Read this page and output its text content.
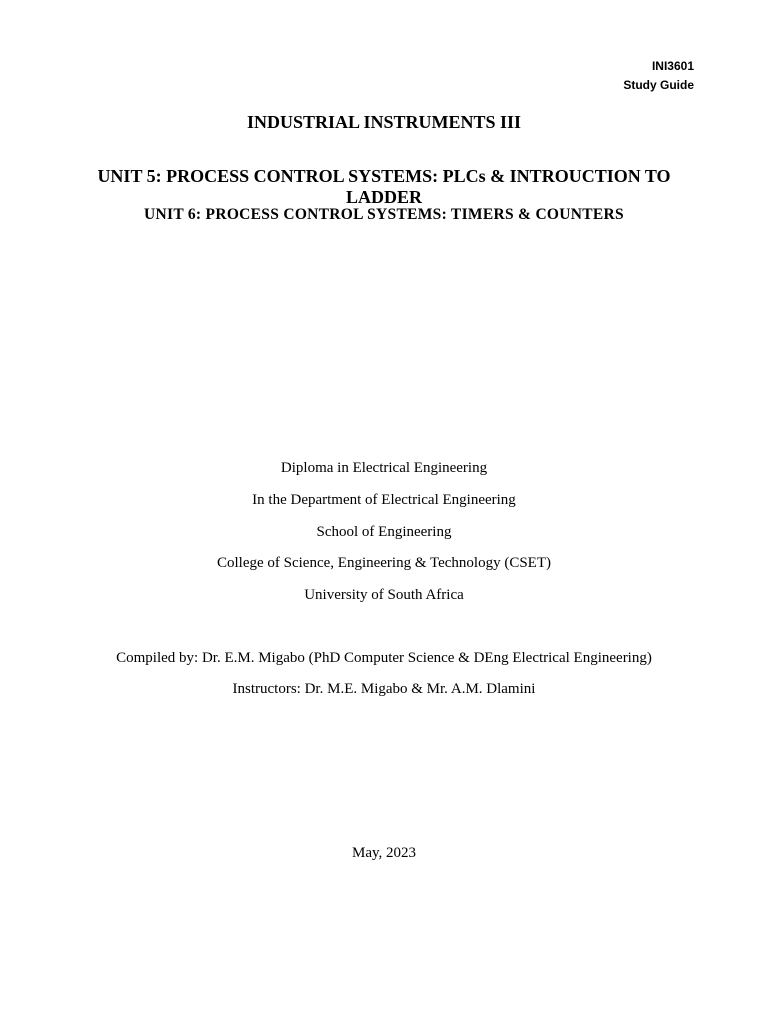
INI3601
Study Guide
INDUSTRIAL INSTRUMENTS III
UNIT 5: PROCESS CONTROL SYSTEMS: PLCs & INTROUCTION TO LADDER
UNIT 6: PROCESS CONTROL SYSTEMS: TIMERS & COUNTERS
Diploma in Electrical Engineering
In the Department of Electrical Engineering
School of Engineering
College of Science, Engineering & Technology (CSET)
University of South Africa
Compiled by: Dr. E.M. Migabo (PhD Computer Science & DEng Electrical Engineering)
Instructors: Dr. M.E. Migabo & Mr. A.M. Dlamini
May, 2023
